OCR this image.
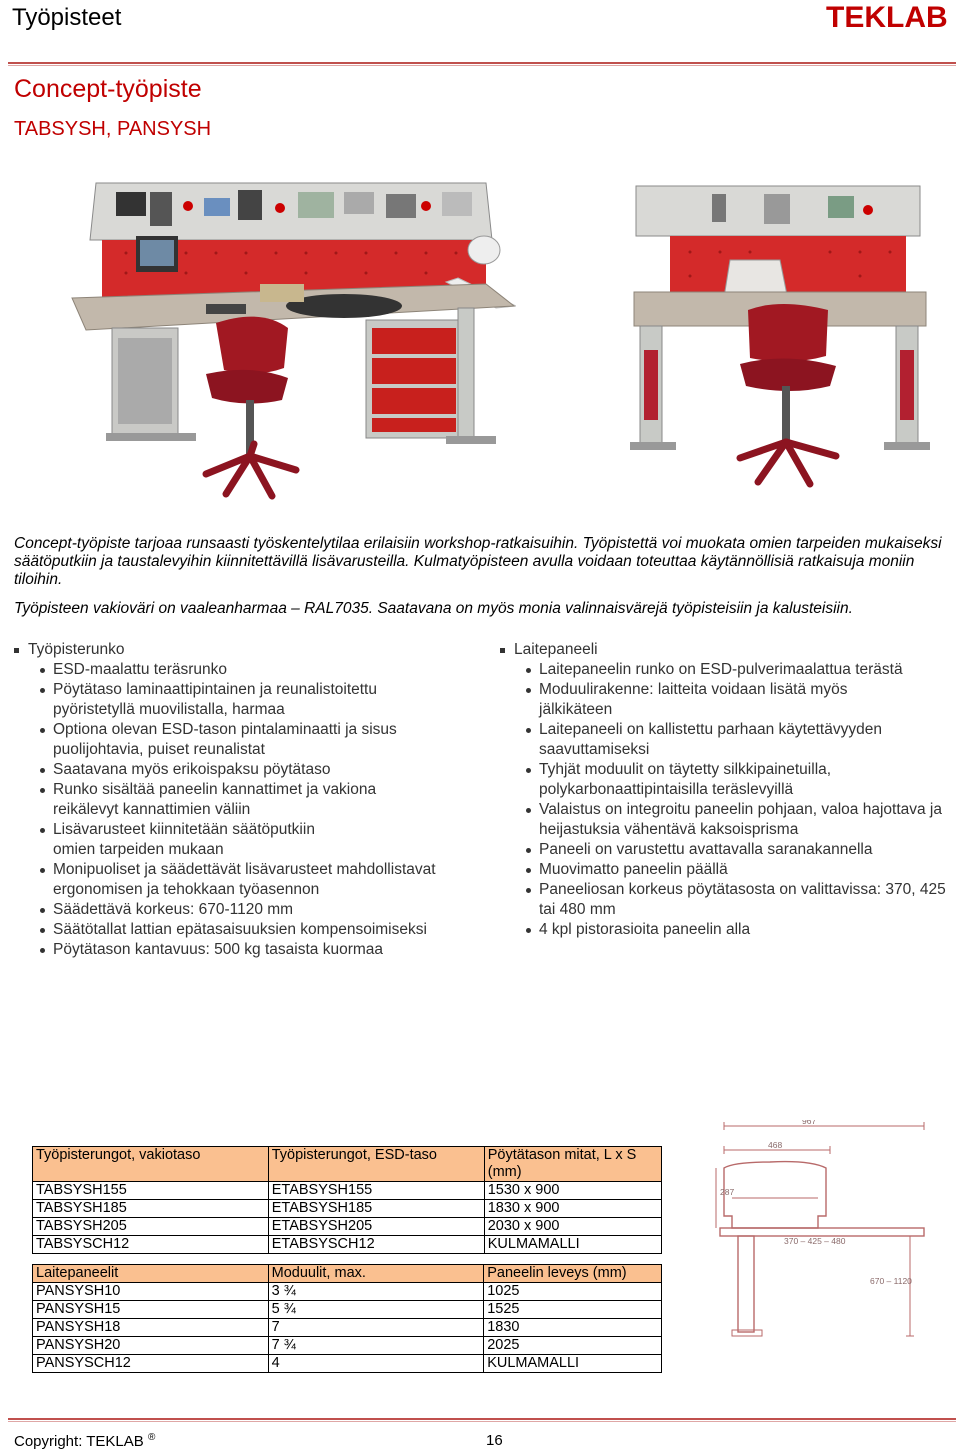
Työpisteet	TEKLAB
Concept-työpiste
TABSYSH, PANSYSH
Concept-työpiste tarjoaa runsaasti työskentelytilaa erilaisiin workshop-ratkaisuihin. Työpistettä voi muokata omien tarpeiden mukaiseksi säätöputkiin ja taustalevyihin kiinnitettävillä lisävarusteilla. Kulmatyöpisteen avulla voidaan toteuttaa käytännöllisiä ratkaisuja moniin tiloihin.
Työpisteen vakioväri on vaaleanharmaa – RAL7035. Saatavana on myös monia valinnaisvärejä työpisteisiin ja kalusteisiin.
Työpisterunko
ESD-maalattu teräsrunko
Pöytätaso laminaattipintainen ja reunalistoitettu pyöristetyllä muovilistalla, harmaa
Optiona olevan ESD-tason pintalaminaatti ja sisus puolijohtavia, puiset reunalistat
Saatavana myös erikoispaksu pöytätaso
Runko sisältää paneelin kannattimet ja vakiona reikälevyt kannattimien väliin
Lisävarusteet kiinnitetään säätöputkiin omien tarpeiden mukaan
Monipuoliset ja säädettävät lisävarusteet mahdollistavat ergonomisen ja tehokkaan työasennon
Säädettävä korkeus: 670-1120 mm
Säätötallat lattian epätasaisuuksien kompensoimiseksi
Pöytätason kantavuus: 500 kg tasaista kuormaa
Laitepaneeli
Laitepaneelin runko on ESD-pulverimaalattua terästä
Moduulirakenne: laitteita voidaan lisätä myös jälkikäteen
Laitepaneeli on kallistettu parhaan käytettävyyden saavuttamiseksi
Tyhjät moduulit on täytetty silkkipainetuilla, polykarbonaattipintaisilla teräslevyillä
Valaistus on integroitu paneelin pohjaan, valoa hajottava ja heijastuksia vähentävä kaksoisprisma
Paneeli on varustettu avattavalla saranakannella
Muovimatto paneelin päällä
Paneeliosan korkeus pöytätasosta on valittavissa: 370, 425 tai 480 mm
4 kpl pistorasioita paneelin alla
Työpisterungot, vakiotaso	Työpisterungot, ESD-taso	Pöytätason mitat, L x S (mm)
TABSYSH155	ETABSYSH155	1530 x 900
TABSYSH185	ETABSYSH185	1830 x 900
TABSYSH205	ETABSYSH205	2030 x 900
TABSYSCH12	ETABSYSCH12	KULMAMALLI
Laitepaneelit	Moduulit, max.	Paneelin leveys (mm)
PANSYSH10	3 ¾	1025
PANSYSH15	5 ¾	1525
PANSYSH18	7	1830
PANSYSH20	7 ¾	2025
PANSYSCH12	4	KULMAMALLI
967
468
287
370 – 425 – 480
670 – 1120
Copyright: TEKLAB ®	16
